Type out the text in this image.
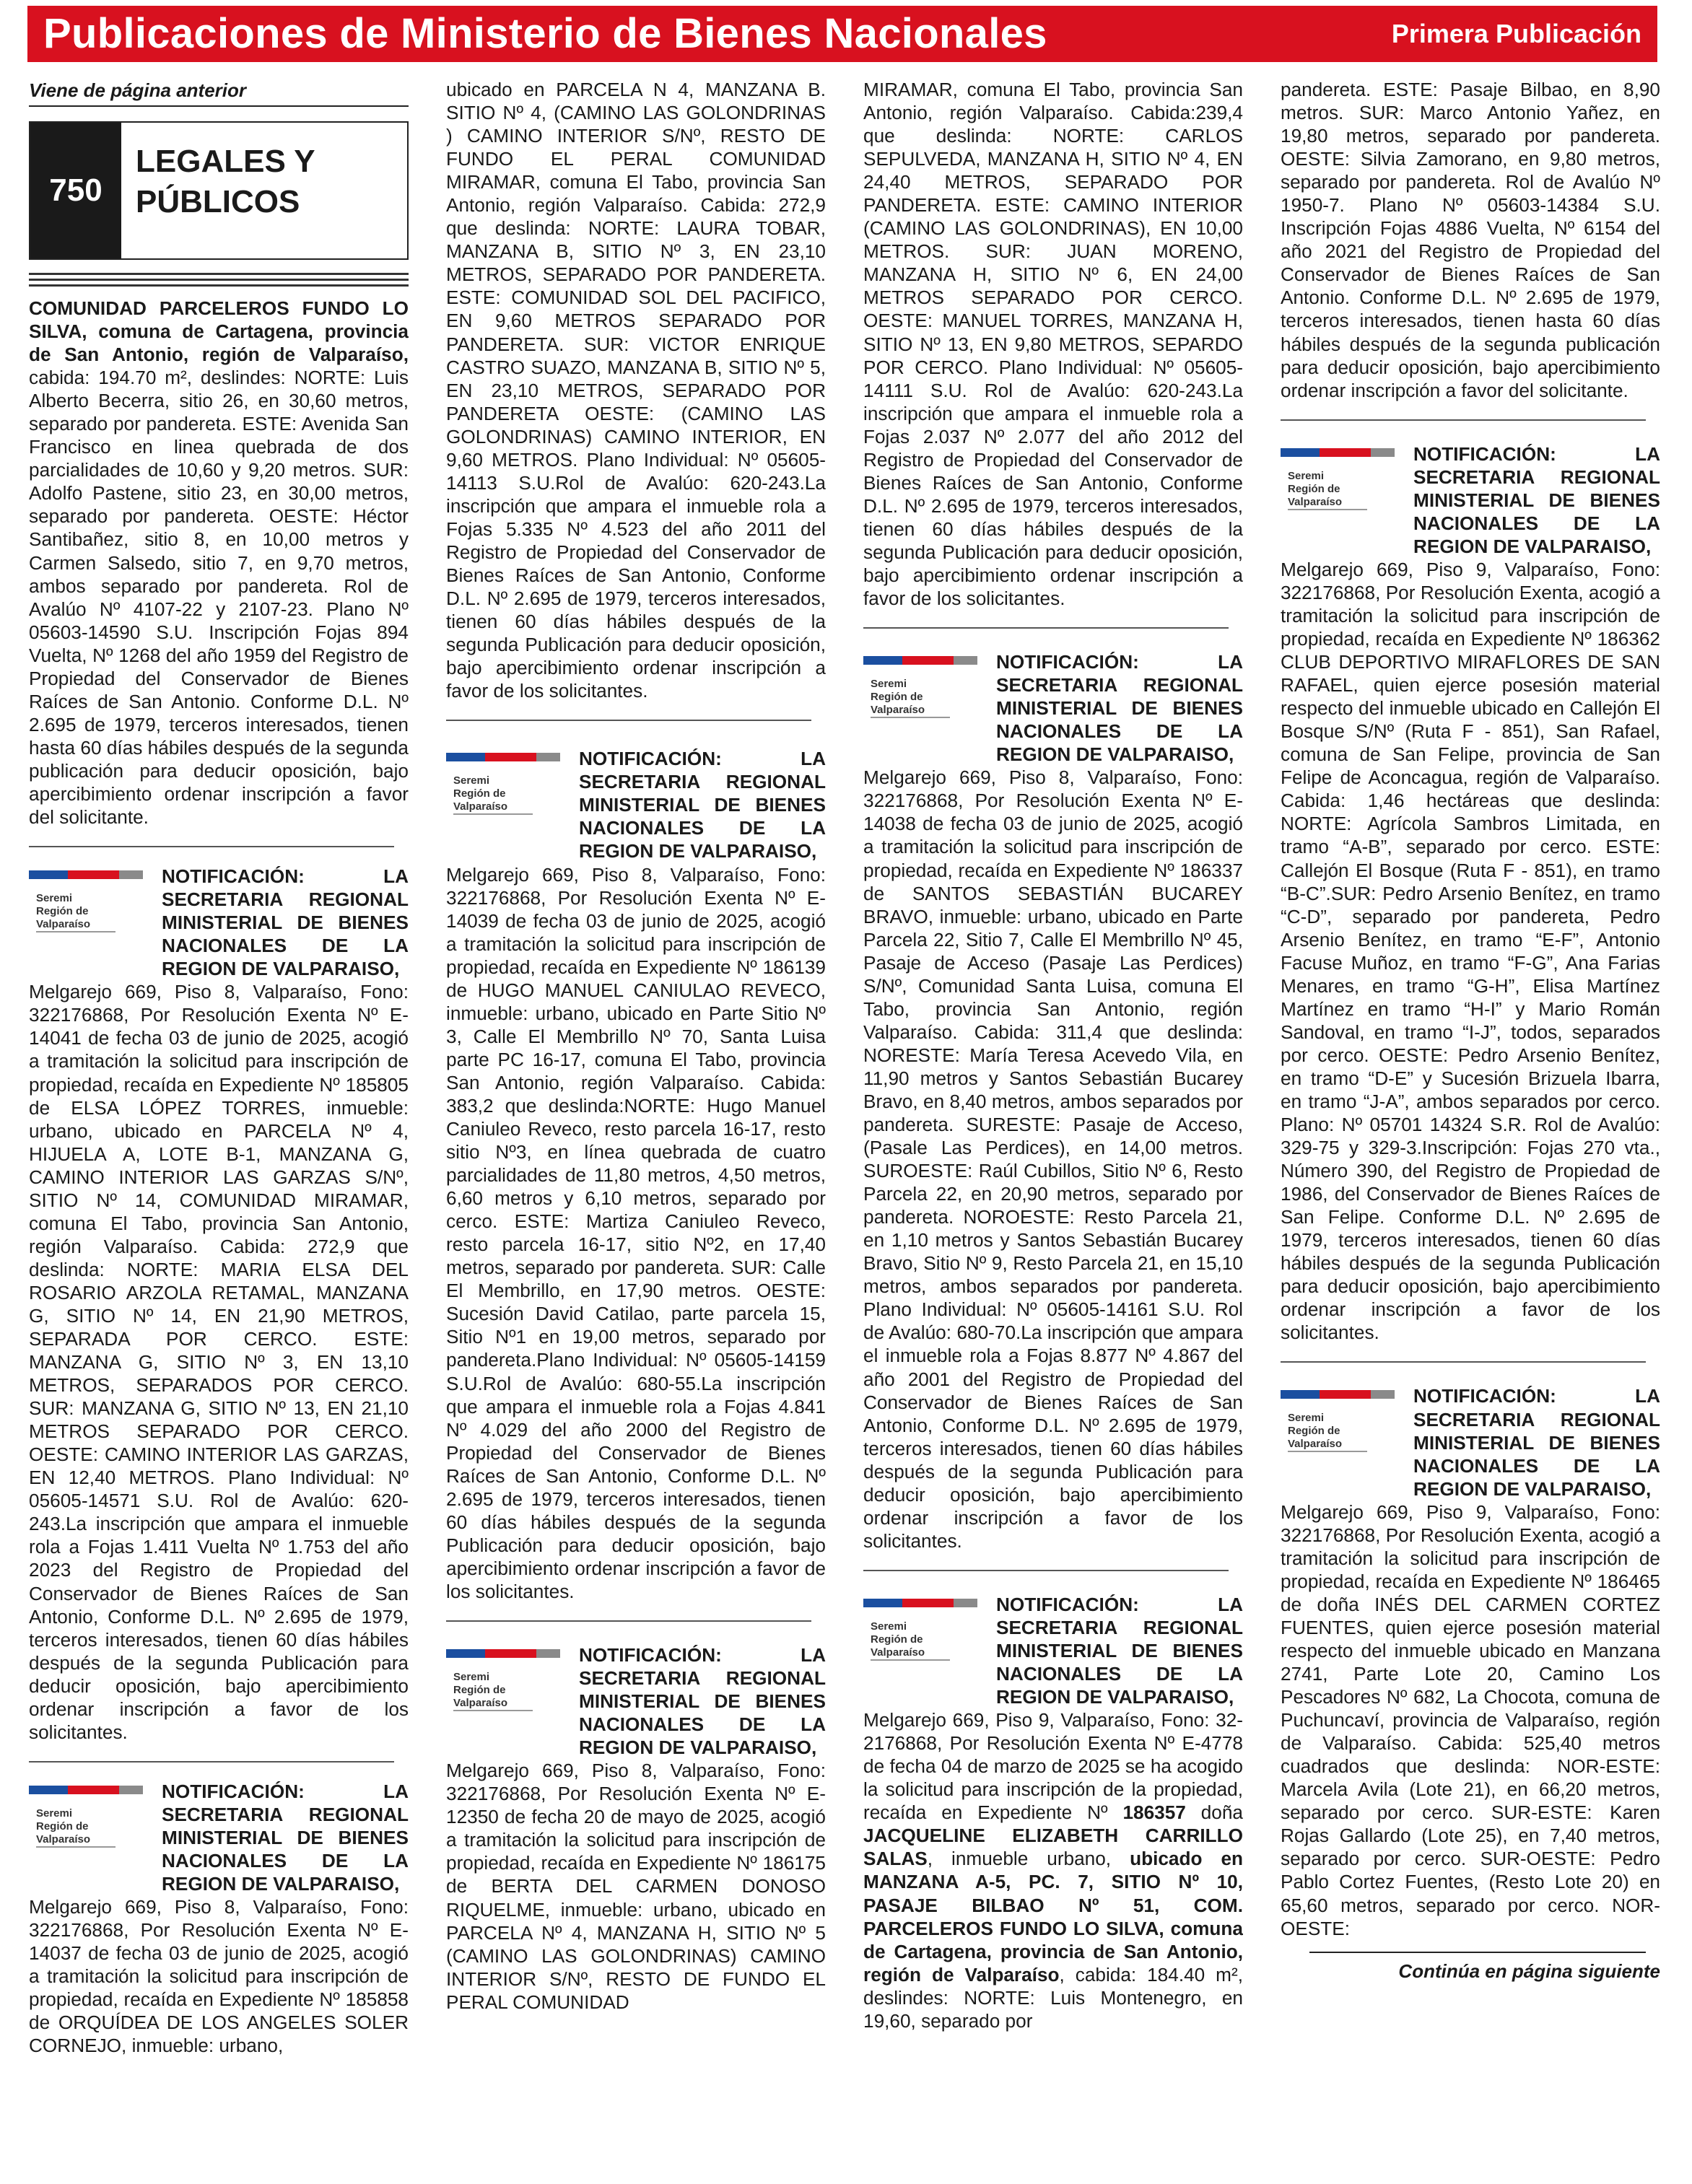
Publicaciones de Ministerio de Bienes Nacionales	Primera Publicación
Viene de página anterior
750
LEGALES Y
PÚBLICOS
COMUNIDAD PARCELEROS FUNDO LO SILVA, comuna de Cartagena, provincia de San Antonio, región de Valparaíso, cabida: 194.70 m², deslindes: NORTE: Luis Alberto Becerra, sitio 26, en 30,60 metros, separado por pandereta. ESTE: Avenida San Francisco en linea quebrada de dos parcialidades de 10,60 y 9,20 metros. SUR: Adolfo Pastene, sitio 23, en 30,00 metros, separado por pandereta. OESTE: Héctor Santibañez, sitio 8, en 10,00 metros y Carmen Salsedo, sitio 7, en 9,70 metros, ambos separado por pandereta. Rol de Avalúo Nº 4107-22 y 2107-23. Plano Nº 05603-14590 S.U. Inscripción Fojas 894 Vuelta, Nº 1268 del año 1959 del Registro de Propiedad del Conservador de Bienes Raíces de San Antonio. Conforme D.L. Nº 2.695 de 1979, terceros interesados, tienen hasta 60 días hábiles después de la segunda publicación para deducir oposición, bajo apercibimiento ordenar inscripción a favor del solicitante.
Seremi
Región de
Valparaíso
NOTIFICACIÓN: LA SECRETARIA REGIONAL MINISTERIAL DE BIENES NACIONALES DE LA REGION DE VALPARAISO,
Melgarejo 669, Piso 8, Valparaíso, Fono: 322176868, Por Resolución Exenta Nº E-14041 de fecha 03 de junio de 2025, acogió a tramitación la solicitud para inscripción de propiedad, recaída en Expediente Nº 185805 de ELSA LÓPEZ TORRES, inmueble: urbano, ubicado en PARCELA Nº 4, HIJUELA A, LOTE B-1, MANZANA G, CAMINO INTERIOR LAS GARZAS S/Nº, SITIO Nº 14, COMUNIDAD MIRAMAR, comuna El Tabo, provincia San Antonio, región Valparaíso. Cabida: 272,9 que deslinda: NORTE: MARIA ELSA DEL ROSARIO ARZOLA RETAMAL, MANZANA G, SITIO Nº 14, EN 21,90 METROS, SEPARADA POR CERCO. ESTE: MANZANA G, SITIO Nº 3, EN 13,10 METROS, SEPARADOS POR CERCO. SUR: MANZANA G, SITIO Nº 13, EN 21,10 METROS SEPARADO POR CERCO. OESTE: CAMINO INTERIOR LAS GARZAS, EN 12,40 METROS. Plano Individual: Nº 05605-14571 S.U. Rol de Avalúo: 620-243.La inscripción que ampara el inmueble rola a Fojas 1.411 Vuelta Nº 1.753 del año 2023 del Registro de Propiedad del Conservador de Bienes Raíces de San Antonio, Conforme D.L. Nº 2.695 de 1979, terceros interesados, tienen 60 días hábiles después de la segunda Publicación para deducir oposición, bajo apercibimiento ordenar inscripción a favor de los solicitantes.
Seremi
Región de
Valparaíso
NOTIFICACIÓN: LA SECRETARIA REGIONAL MINISTERIAL DE BIENES NACIONALES DE LA REGION DE VALPARAISO,
Melgarejo 669, Piso 8, Valparaíso, Fono: 322176868, Por Resolución Exenta Nº E-14037 de fecha 03 de junio de 2025, acogió a tramitación la solicitud para inscripción de propiedad, recaída en Expediente Nº 185858 de ORQUÍDEA DE LOS ANGELES SOLER CORNEJO, inmueble: urbano,
ubicado en PARCELA N 4, MANZANA B. SITIO Nº 4, (CAMINO LAS GOLONDRINAS ) CAMINO INTERIOR S/Nº, RESTO DE FUNDO EL PERAL COMUNIDAD MIRAMAR, comuna El Tabo, provincia San Antonio, región Valparaíso. Cabida: 272,9 que deslinda: NORTE: LAURA TOBAR, MANZANA B, SITIO Nº 3, EN 23,10 METROS, SEPARADO POR PANDERETA. ESTE: COMUNIDAD SOL DEL PACIFICO, EN 9,60 METROS SEPARADO POR PANDERETA. SUR: VICTOR ENRIQUE CASTRO SUAZO, MANZANA B, SITIO Nº 5, EN 23,10 METROS, SEPARADO POR PANDERETA OESTE: (CAMINO LAS GOLONDRINAS) CAMINO INTERIOR, EN 9,60 METROS. Plano Individual: Nº 05605-14113 S.U.Rol de Avalúo: 620-243.La inscripción que ampara el inmueble rola a Fojas 5.335 Nº 4.523 del año 2011 del Registro de Propiedad del Conservador de Bienes Raíces de San Antonio, Conforme D.L. Nº 2.695 de 1979, terceros interesados, tienen 60 días hábiles después de la segunda Publicación para deducir oposición, bajo apercibimiento ordenar inscripción a favor de los solicitantes.
Seremi
Región de
Valparaíso
NOTIFICACIÓN: LA SECRETARIA REGIONAL MINISTERIAL DE BIENES NACIONALES DE LA REGION DE VALPARAISO,
Melgarejo 669, Piso 8, Valparaíso, Fono: 322176868, Por Resolución Exenta Nº E-14039 de fecha 03 de junio de 2025, acogió a tramitación la solicitud para inscripción de propiedad, recaída en Expediente Nº 186139 de HUGO MANUEL CANIULAO REVECO, inmueble: urbano, ubicado en Parte Sitio Nº 3, Calle El Membrillo Nº 70, Santa Luisa parte PC 16-17, comuna El Tabo, provincia San Antonio, región Valparaíso. Cabida: 383,2 que deslinda:NORTE: Hugo Manuel Caniuleo Reveco, resto parcela 16-17, resto sitio Nº3, en línea quebrada de cuatro parcialidades de 11,80 metros, 4,50 metros, 6,60 metros y 6,10 metros, separado por cerco. ESTE: Martiza Caniuleo Reveco, resto parcela 16-17, sitio Nº2, en 17,40 metros, separado por pandereta. SUR: Calle El Membrillo, en 17,90 metros. OESTE: Sucesión David Catilao, parte parcela 15, Sitio Nº1 en 19,00 metros, separado por pandereta.Plano Individual: Nº 05605-14159 S.U.Rol de Avalúo: 680-55.La inscripción que ampara el inmueble rola a Fojas 4.841 Nº 4.029 del año 2000 del Registro de Propiedad del Conservador de Bienes Raíces de San Antonio, Conforme D.L. Nº 2.695 de 1979, terceros interesados, tienen 60 días hábiles después de la segunda Publicación para deducir oposición, bajo apercibimiento ordenar inscripción a favor de los solicitantes.
Seremi
Región de
Valparaíso
NOTIFICACIÓN: LA SECRETARIA REGIONAL MINISTERIAL DE BIENES NACIONALES DE LA REGION DE VALPARAISO,
Melgarejo 669, Piso 8, Valparaíso, Fono: 322176868, Por Resolución Exenta Nº E-12350 de fecha 20 de mayo de 2025, acogió a tramitación la solicitud para inscripción de propiedad, recaída en Expediente Nº 186175 de BERTA DEL CARMEN DONOSO RIQUELME, inmueble: urbano, ubicado en PARCELA Nº 4, MANZANA H, SITIO Nº 5 (CAMINO LAS GOLONDRINAS) CAMINO INTERIOR S/Nº, RESTO DE FUNDO EL PERAL COMUNIDAD
MIRAMAR, comuna El Tabo, provincia San Antonio, región Valparaíso. Cabida:239,4 que deslinda: NORTE: CARLOS SEPULVEDA, MANZANA H, SITIO Nº 4, EN 24,40 METROS, SEPARADO POR PANDERETA. ESTE: CAMINO INTERIOR (CAMINO LAS GOLONDRINAS), EN 10,00 METROS. SUR: JUAN MORENO, MANZANA H, SITIO Nº 6, EN 24,00 METROS SEPARADO POR CERCO. OESTE: MANUEL TORRES, MANZANA H, SITIO Nº 13, EN 9,80 METROS, SEPARDO POR CERCO. Plano Individual: Nº 05605-14111 S.U. Rol de Avalúo: 620-243.La inscripción que ampara el inmueble rola a Fojas 2.037 Nº 2.077 del año 2012 del Registro de Propiedad del Conservador de Bienes Raíces de San Antonio, Conforme D.L. Nº 2.695 de 1979, terceros interesados, tienen 60 días hábiles después de la segunda Publicación para deducir oposición, bajo apercibimiento ordenar inscripción a favor de los solicitantes.
Seremi
Región de
Valparaíso
NOTIFICACIÓN: LA SECRETARIA REGIONAL MINISTERIAL DE BIENES NACIONALES DE LA REGION DE VALPARAISO,
Melgarejo 669, Piso 8, Valparaíso, Fono: 322176868, Por Resolución Exenta Nº E-14038 de fecha 03 de junio de 2025, acogió a tramitación la solicitud para inscripción de propiedad, recaída en Expediente Nº 186337 de SANTOS SEBASTIÁN BUCAREY BRAVO, inmueble: urbano, ubicado en Parte Parcela 22, Sitio 7, Calle El Membrillo Nº 45, Pasaje de Acceso (Pasaje Las Perdices) S/Nº, Comunidad Santa Luisa, comuna El Tabo, provincia San Antonio, región Valparaíso. Cabida: 311,4 que deslinda: NORESTE: María Teresa Acevedo Vila, en 11,90 metros y Santos Sebastián Bucarey Bravo, en 8,40 metros, ambos separados por pandereta. SURESTE: Pasaje de Acceso, (Pasale Las Perdices), en 14,00 metros. SUROESTE: Raúl Cubillos, Sitio Nº 6, Resto Parcela 22, en 20,90 metros, separado por pandereta. NOROESTE: Resto Parcela 21, en 1,10 metros y Santos Sebastián Bucarey Bravo, Sitio Nº 9, Resto Parcela 21, en 15,10 metros, ambos separados por pandereta. Plano Individual: Nº 05605-14161 S.U. Rol de Avalúo: 680-70.La inscripción que ampara el inmueble rola a Fojas 8.877 Nº 4.867 del año 2001 del Registro de Propiedad del Conservador de Bienes Raíces de San Antonio, Conforme D.L. Nº 2.695 de 1979, terceros interesados, tienen 60 días hábiles después de la segunda Publicación para deducir oposición, bajo apercibimiento ordenar inscripción a favor de los solicitantes.
Seremi
Región de
Valparaíso
NOTIFICACIÓN: LA SECRETARIA REGIONAL MINISTERIAL DE BIENES NACIONALES DE LA REGION DE VALPARAISO,
Melgarejo 669, Piso 9, Valparaíso, Fono: 32-2176868, Por Resolución Exenta Nº E-4778 de fecha 04 de marzo de 2025 se ha acogido la solicitud para inscripción de la propiedad, recaída en Expediente Nº 186357 doña JACQUELINE ELIZABETH CARRILLO SALAS, inmueble urbano, ubicado en MANZANA A-5, PC. 7, SITIO Nº 10, PASAJE BILBAO Nº 51, COM. PARCELEROS FUNDO LO SILVA, comuna de Cartagena, provincia de San Antonio, región de Valparaíso, cabida: 184.40 m², deslindes: NORTE: Luis Montenegro, en 19,60, separado por
pandereta. ESTE: Pasaje Bilbao, en 8,90 metros. SUR: Marco Antonio Yañez, en 19,80 metros, separado por pandereta. OESTE: Silvia Zamorano, en 9,80 metros, separado por pandereta. Rol de Avalúo Nº 1950-7. Plano Nº 05603-14384 S.U. Inscripción Fojas 4886 Vuelta, Nº 6154 del año 2021 del Registro de Propiedad del Conservador de Bienes Raíces de San Antonio. Conforme D.L. Nº 2.695 de 1979, terceros interesados, tienen hasta 60 días hábiles después de la segunda publicación para deducir oposición, bajo apercibimiento ordenar inscripción a favor del solicitante.
Seremi
Región de
Valparaíso
NOTIFICACIÓN: LA SECRETARIA REGIONAL MINISTERIAL DE BIENES NACIONALES DE LA REGION DE VALPARAISO,
Melgarejo 669, Piso 9, Valparaíso, Fono: 322176868, Por Resolución Exenta, acogió a tramitación la solicitud para inscripción de propiedad, recaída en Expediente Nº 186362 CLUB DEPORTIVO MIRAFLORES DE SAN RAFAEL, quien ejerce posesión material respecto del inmueble ubicado en Callejón El Bosque S/Nº (Ruta F - 851), San Rafael, comuna de San Felipe, provincia de San Felipe de Aconcagua, región de Valparaíso. Cabida: 1,46 hectáreas que deslinda: NORTE: Agrícola Sambros Limitada, en tramo “A-B”, separado por cerco. ESTE: Callejón El Bosque (Ruta F - 851), en tramo “B-C”.SUR: Pedro Arsenio Benítez, en tramo “C-D”, separado por pandereta, Pedro Arsenio Benítez, en tramo “E-F”, Antonio Facuse Muñoz, en tramo “F-G”, Ana Farias Menares, en tramo “G-H”, Elisa Martínez Martínez en tramo “H-I” y Mario Román Sandoval, en tramo “I-J”, todos, separados por cerco. OESTE: Pedro Arsenio Benítez, en tramo “D-E” y Sucesión Brizuela Ibarra, en tramo “J-A”, ambos separados por cerco. Plano: Nº 05701 14324 S.R. Rol de Avalúo: 329-75 y 329-3.Inscripción: Fojas 270 vta., Número 390, del Registro de Propiedad de 1986, del Conservador de Bienes Raíces de San Felipe. Conforme D.L. Nº 2.695 de 1979, terceros interesados, tienen 60 días hábiles después de la segunda Publicación para deducir oposición, bajo apercibimiento ordenar inscripción a favor de los solicitantes.
Seremi
Región de
Valparaíso
NOTIFICACIÓN: LA SECRETARIA REGIONAL MINISTERIAL DE BIENES NACIONALES DE LA REGION DE VALPARAISO,
Melgarejo 669, Piso 9, Valparaíso, Fono: 322176868, Por Resolución Exenta, acogió a tramitación la solicitud para inscripción de propiedad, recaída en Expediente Nº 186465 de doña INÉS DEL CARMEN CORTEZ FUENTES, quien ejerce posesión material respecto del inmueble ubicado en Manzana 2741, Parte Lote 20, Camino Los Pescadores Nº 682, La Chocota, comuna de Puchuncaví, provincia de Valparaíso, región de Valparaíso. Cabida: 525,40 metros cuadrados que deslinda: NOR-ESTE: Marcela Avila (Lote 21), en 66,20 metros, separado por cerco. SUR-ESTE: Karen Rojas Gallardo (Lote 25), en 7,40 metros, separado por cerco. SUR-OESTE: Pedro Pablo Cortez Fuentes, (Resto Lote 20) en 65,60 metros, separado por cerco. NOR-OESTE:
Continúa en página siguiente
